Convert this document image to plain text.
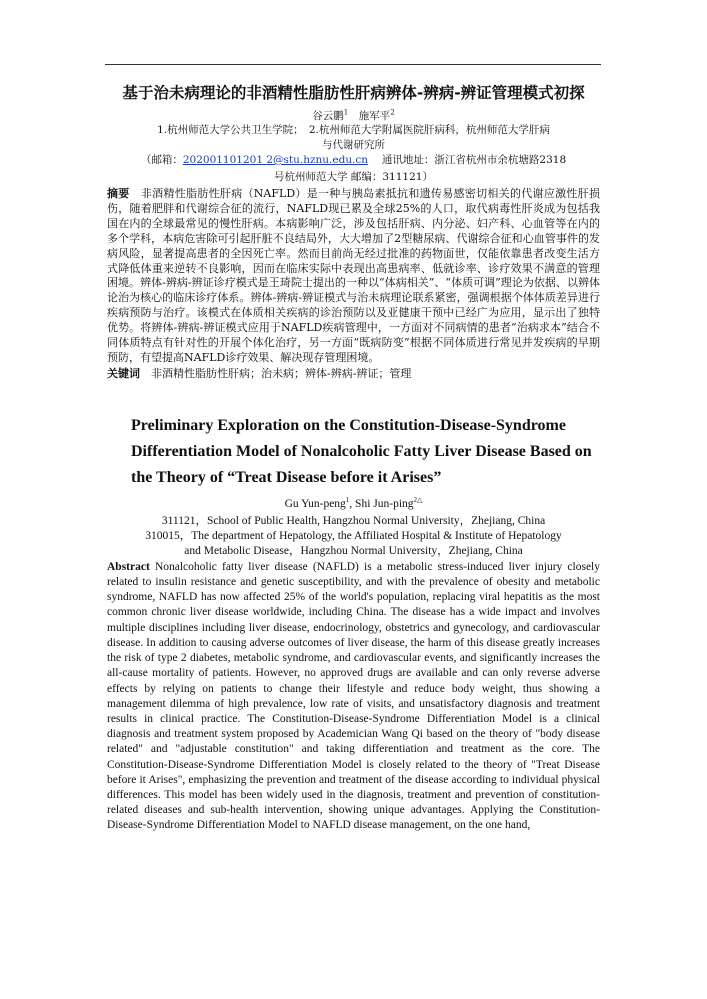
基于治未病理论的非酒精性脂肪性肝病辨体-辨病-辨证管理模式初探

谷云鹏$^1$　 施军平$^2$

1.杭州师范大学公共卫生学院；　2.杭州师范大学附属医院肝病科，杭州师范大学肝病

与代谢研究所

（邮箱：202001101201 2@stu.hznu.edu.cn　 通讯地址：浙江省杭州市余杭塘路2318

号杭州师范大学 邮编：311121）

摘要　 非酒精性脂肪性肝病（NAFLD）是一种与胰岛素抵抗和遗传易感密切相关的代谢应激性肝损伤，随着肥胖和代谢综合征的流行，NAFLD现已累及全球25%的人口，取代病毒性肝炎成为包括我国在内的全球最常见的慢性肝病。本病影响广泛，涉及包括肝病、内分泌、妇产科、心血管等在内的多个学科，本病危害除可引起肝脏不良结局外，大大增加了2型糖尿病、代谢综合征和心血管事件的发病风险，显著提高患者的全因死亡率。然而目前尚无经过批准的药物面世，仅能依靠患者改变生活方式降低体重来逆转不良影响，因而在临床实际中表现出高患病率、低就诊率、诊疗效果不满意的管理困境。辨体-辨病-辨证诊疗模式是王琦院士提出的一种以“体病相关”、“体质可调”理论为依据、以辨体论治为核心的临床诊疗体系。辨体-辨病-辨证模式与治未病理论联系紧密，强调根据个体体质差异进行疾病预防与治疗。该模式在体质相关疾病的诊治预防以及亚健康干预中已经广为应用，显示出了独特优势。将辨体-辨病-辨证模式应用于NAFLD疾病管理中，一方面对不同病情的患者“治病求本”结合不同体质特点有针对性的开展个体化治疗，另一方面“既病防变”根据不同体质进行常见并发疾病的早期预防，有望提高NAFLD诊疗效果、解决现存管理困境。

关键词　 非酒精性脂肪性肝病；治未病；辨体-辨病-辨证；管理

Preliminary Exploration on the Constitution-Disease-Syndrome
Differentiation Model of Nonalcoholic Fatty Liver Disease Based on
the Theory of “Treat Disease before it Arises”

Gu Yun-peng$^1$, Shi Jun-ping$^{2\triangle}$

311121，School of Public Health, Hangzhou Normal University，Zhejiang, China

310015，The department of Hepatology, the Affiliated Hospital & Institute of Hepatology

and Metabolic Disease，Hangzhou Normal University，Zhejiang, China

Abstract Nonalcoholic fatty liver disease (NAFLD) is a metabolic stress-induced liver injury closely related to insulin resistance and genetic susceptibility, and with the prevalence of obesity and metabolic syndrome, NAFLD has now affected 25% of the world's population, replacing viral hepatitis as the most common chronic liver disease worldwide, including China. The disease has a wide impact and involves multiple disciplines including liver disease, endocrinology, obstetrics and gynecology, and cardiovascular disease. In addition to causing adverse outcomes of liver disease, the harm of this disease greatly increases the risk of type 2 diabetes, metabolic syndrome, and cardiovascular events, and significantly increases the all-cause mortality of patients. However, no approved drugs are available and can only reverse adverse effects by relying on patients to change their lifestyle and reduce body weight, thus showing a management dilemma of high prevalence, low rate of visits, and unsatisfactory diagnosis and treatment results in clinical practice. The Constitution-Disease-Syndrome Differentiation Model is a clinical diagnosis and treatment system proposed by Academician Wang Qi based on the theory of "body disease related" and "adjustable constitution" and taking differentiation and treatment as the core. The Constitution-Disease-Syndrome Differentiation Model is closely related to the theory of "Treat Disease before it Arises", emphasizing the prevention and treatment of the disease according to individual physical differences. This model has been widely used in the diagnosis, treatment and prevention of constitution-related diseases and sub-health intervention, showing unique advantages. Applying the Constitution-Disease-Syndrome Differentiation Model to NAFLD disease management, on the one hand,
